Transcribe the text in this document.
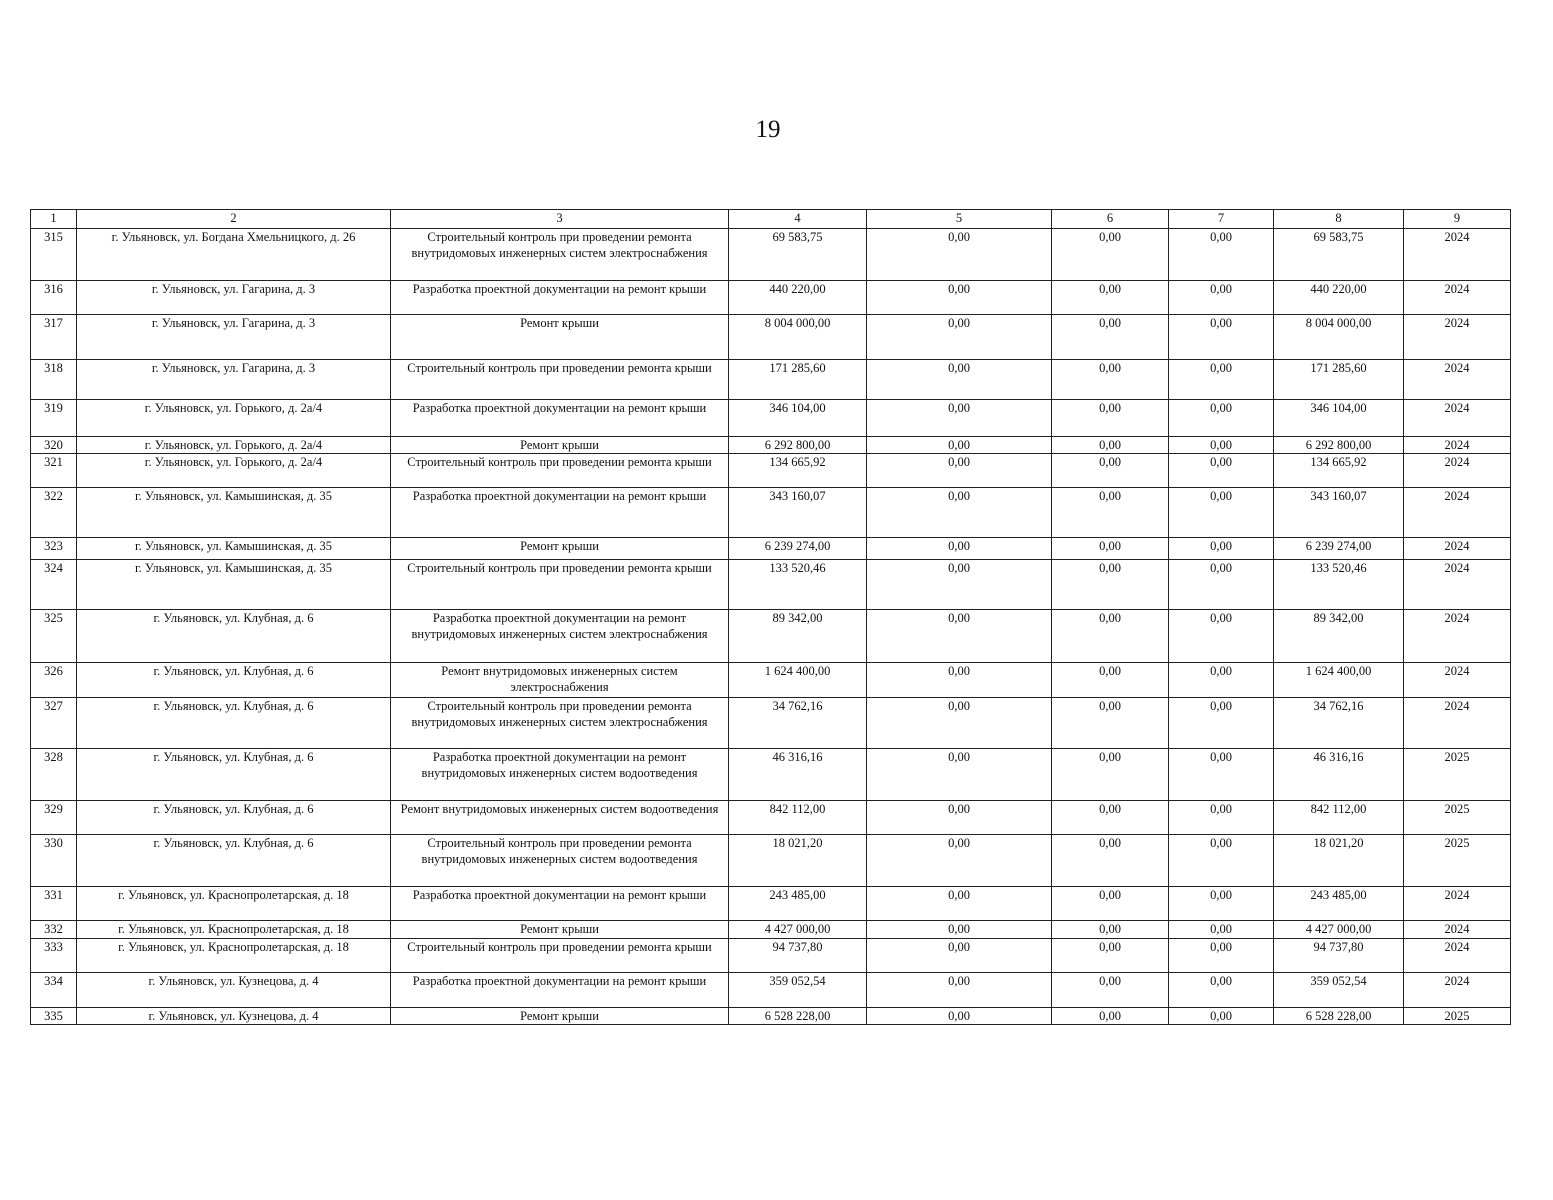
19
1	2	3	4	5	6	7	8	9
315	г. Ульяновск, ул. Богдана Хмельницкого, д. 26	Строительный контроль при проведении ремонта внутридомовых инженерных систем электроснабжения	69 583,75	0,00	0,00	0,00	69 583,75	2024
316	г. Ульяновск, ул. Гагарина, д. 3	Разработка проектной документации на ремонт крыши	440 220,00	0,00	0,00	0,00	440 220,00	2024
317	г. Ульяновск, ул. Гагарина, д. 3	Ремонт крыши	8 004 000,00	0,00	0,00	0,00	8 004 000,00	2024
318	г. Ульяновск, ул. Гагарина, д. 3	Строительный контроль при проведении ремонта крыши	171 285,60	0,00	0,00	0,00	171 285,60	2024
319	г. Ульяновск, ул. Горького, д. 2а/4	Разработка проектной документации на ремонт крыши	346 104,00	0,00	0,00	0,00	346 104,00	2024
320	г. Ульяновск, ул. Горького, д. 2а/4	Ремонт крыши	6 292 800,00	0,00	0,00	0,00	6 292 800,00	2024
321	г. Ульяновск, ул. Горького, д. 2а/4	Строительный контроль при проведении ремонта крыши	134 665,92	0,00	0,00	0,00	134 665,92	2024
322	г. Ульяновск, ул. Камышинская, д. 35	Разработка проектной документации на ремонт крыши	343 160,07	0,00	0,00	0,00	343 160,07	2024
323	г. Ульяновск, ул. Камышинская, д. 35	Ремонт крыши	6 239 274,00	0,00	0,00	0,00	6 239 274,00	2024
324	г. Ульяновск, ул. Камышинская, д. 35	Строительный контроль при проведении ремонта крыши	133 520,46	0,00	0,00	0,00	133 520,46	2024
325	г. Ульяновск, ул. Клубная, д. 6	Разработка проектной документации на ремонт внутридомовых инженерных систем электроснабжения	89 342,00	0,00	0,00	0,00	89 342,00	2024
326	г. Ульяновск, ул. Клубная, д. 6	Ремонт внутридомовых инженерных систем электроснабжения	1 624 400,00	0,00	0,00	0,00	1 624 400,00	2024
327	г. Ульяновск, ул. Клубная, д. 6	Строительный контроль при проведении ремонта внутридомовых инженерных систем электроснабжения	34 762,16	0,00	0,00	0,00	34 762,16	2024
328	г. Ульяновск, ул. Клубная, д. 6	Разработка проектной документации на ремонт внутридомовых инженерных систем водоотведения	46 316,16	0,00	0,00	0,00	46 316,16	2025
329	г. Ульяновск, ул. Клубная, д. 6	Ремонт внутридомовых инженерных систем водоотведения	842 112,00	0,00	0,00	0,00	842 112,00	2025
330	г. Ульяновск, ул. Клубная, д. 6	Строительный контроль при проведении ремонта внутридомовых инженерных систем водоотведения	18 021,20	0,00	0,00	0,00	18 021,20	2025
331	г. Ульяновск, ул. Краснопролетарская, д. 18	Разработка проектной документации на ремонт крыши	243 485,00	0,00	0,00	0,00	243 485,00	2024
332	г. Ульяновск, ул. Краснопролетарская, д. 18	Ремонт крыши	4 427 000,00	0,00	0,00	0,00	4 427 000,00	2024
333	г. Ульяновск, ул. Краснопролетарская, д. 18	Строительный контроль при проведении ремонта крыши	94 737,80	0,00	0,00	0,00	94 737,80	2024
334	г. Ульяновск, ул. Кузнецова, д. 4	Разработка проектной документации на ремонт крыши	359 052,54	0,00	0,00	0,00	359 052,54	2024
335	г. Ульяновск, ул. Кузнецова, д. 4	Ремонт крыши	6 528 228,00	0,00	0,00	0,00	6 528 228,00	2025
